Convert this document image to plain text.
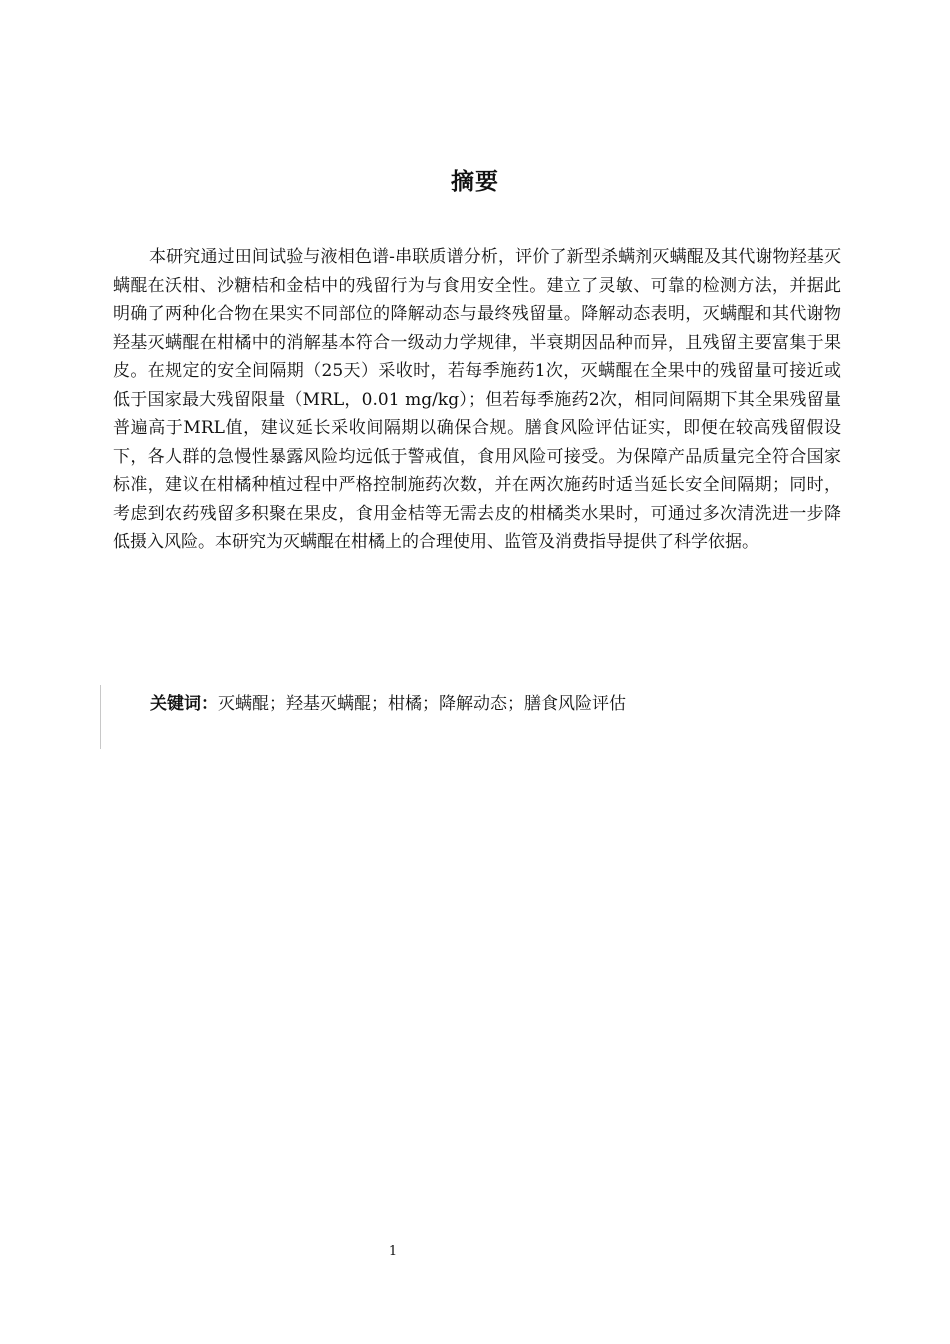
摘要

本研究通过田间试验与液相色谱-串联质谱分析，评价了新型杀螨剂灭螨醌及其代谢物羟基灭螨醌在沃柑、沙糖桔和金桔中的残留行为与食用安全性。建立了灵敏、可靠的检测方法，并据此明确了两种化合物在果实不同部位的降解动态与最终残留量。降解动态表明，灭螨醌和其代谢物羟基灭螨醌在柑橘中的消解基本符合一级动力学规律，半衰期因品种而异，且残留主要富集于果皮。在规定的安全间隔期（25天）采收时，若每季施药1次，灭螨醌在全果中的残留量可接近或低于国家最大残留限量（MRL，0.01 mg/kg）；但若每季施药2次，相同间隔期下其全果残留量普遍高于MRL值，建议延长采收间隔期以确保合规。膳食风险评估证实，即便在较高残留假设下，各人群的急慢性暴露风险均远低于警戒值，食用风险可接受。为保障产品质量完全符合国家标准，建议在柑橘种植过程中严格控制施药次数，并在两次施药时适当延长安全间隔期；同时，考虑到农药残留多积聚在果皮，食用金桔等无需去皮的柑橘类水果时，可通过多次清洗进一步降低摄入风险。本研究为灭螨醌在柑橘上的合理使用、监管及消费指导提供了科学依据。

关键词：灭螨醌；羟基灭螨醌；柑橘；降解动态；膳食风险评估
1
